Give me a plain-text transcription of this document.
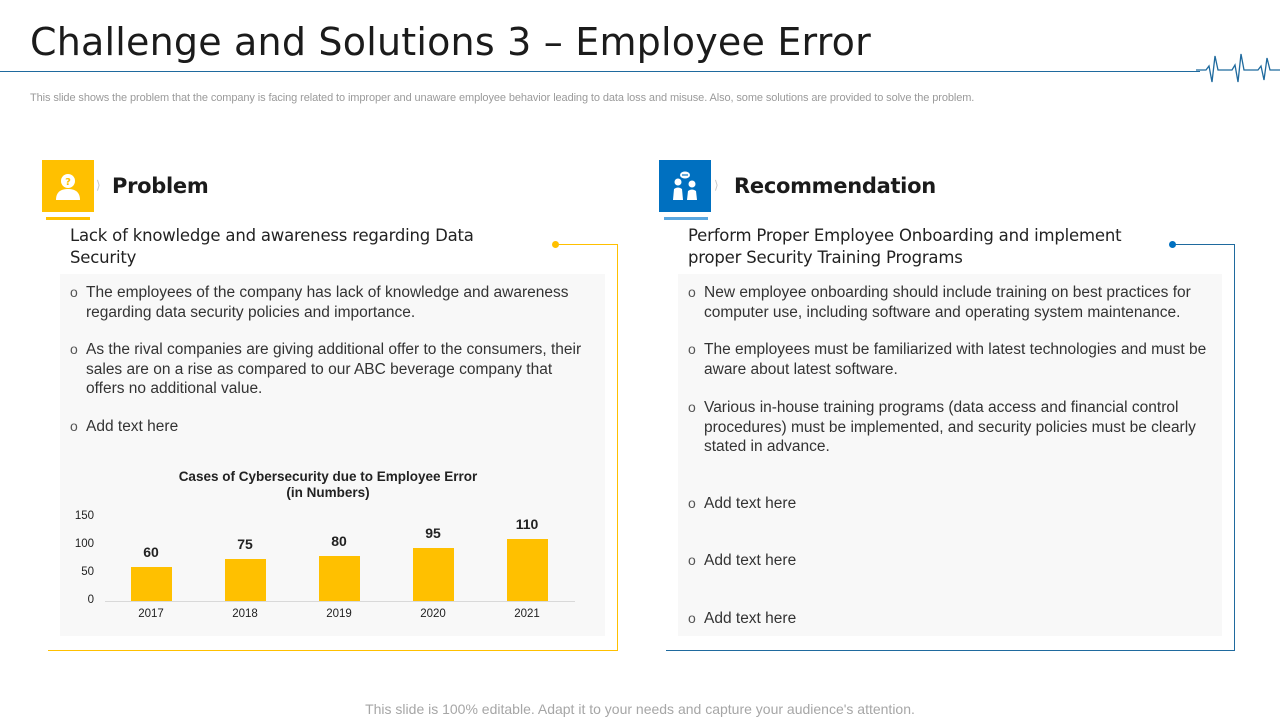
Challenge and Solutions 3 – Employee Error
This slide shows the problem that the company is facing related to improper and unaware employee behavior leading to data loss and misuse. Also, some solutions are provided to solve the problem.
? ⟩ Problem
Lack of knowledge and awareness regarding Data Security
o The employees of the company has lack of knowledge and awareness regarding data security policies and importance.
o As the rival companies are giving additional offer to the consumers, their sales are on a rise as compared to our ABC beverage company that offers no additional value.
o Add text here
Cases of Cybersecurity due to Employee Error
(in Numbers)
150
100
50
0
60
2017
75
2018
80
2019
95
2020
110
2021
⟩ Recommendation
Perform Proper Employee Onboarding and implement proper Security Training Programs
o New employee onboarding should include training on best practices for computer use, including software and operating system maintenance.
o The employees must be familiarized with latest technologies and must be aware about latest software.
o Various in-house training programs (data access and financial control procedures) must be implemented, and security policies must be clearly stated in advance.
o Add text here
o Add text here
o Add text here
This slide is 100% editable. Adapt it to your needs and capture your audience's attention.
